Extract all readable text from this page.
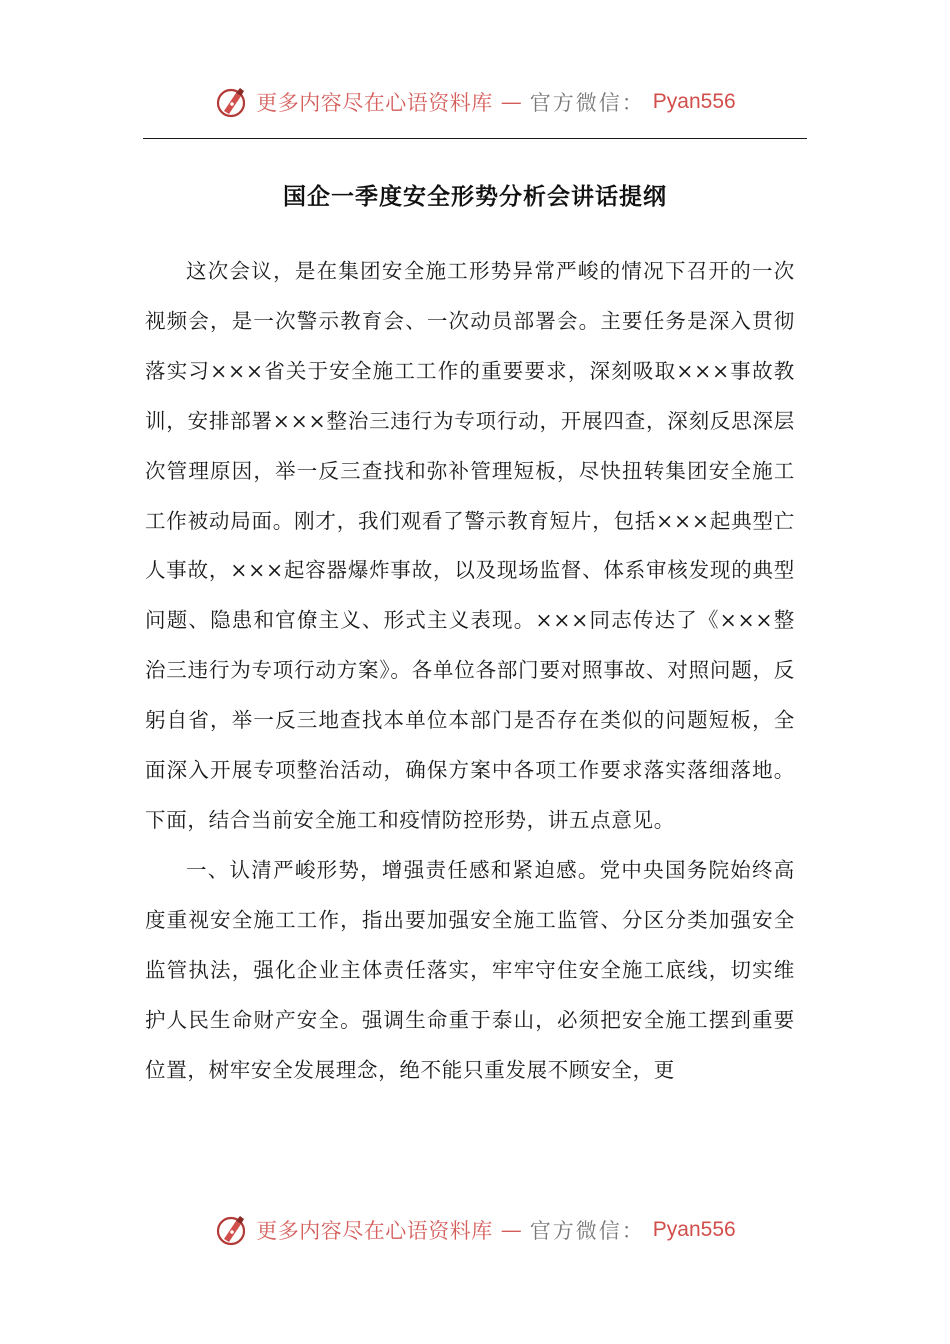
更多内容尽在心语资料库 — 官方微信： Pyan556
国企一季度安全形势分析会讲话提纲

这次会议，是在集团安全施工形势异常严峻的情况下召开的一次视频会，是一次警示教育会、一次动员部署会。主要任务是深入贯彻落实习×××省关于安全施工工作的重要要求，深刻吸取×××事故教训，安排部署×××整治三违行为专项行动，开展四查，深刻反思深层次管理原因，举一反三查找和弥补管理短板，尽快扭转集团安全施工工作被动局面。刚才，我们观看了警示教育短片，包括×××起典型亡人事故，×××起容器爆炸事故，以及现场监督、体系审核发现的典型问题、隐患和官僚主义、形式主义表现。×××同志传达了《×××整治三违行为专项行动方案》。各单位各部门要对照事故、对照问题，反躬自省，举一反三地查找本单位本部门是否存在类似的问题短板，全面深入开展专项整治活动，确保方案中各项工作要求落实落细落地。下面，结合当前安全施工和疫情防控形势，讲五点意见。

一、认清严峻形势，增强责任感和紧迫感。党中央国务院始终高度重视安全施工工作，指出要加强安全施工监管、分区分类加强安全监管执法，强化企业主体责任落实，牢牢守住安全施工底线，切实维护人民生命财产安全。强调生命重于泰山，必须把安全施工摆到重要位置，树牢安全发展理念，绝不能只重发展不顾安全，更

更多内容尽在心语资料库 — 官方微信： Pyan556
